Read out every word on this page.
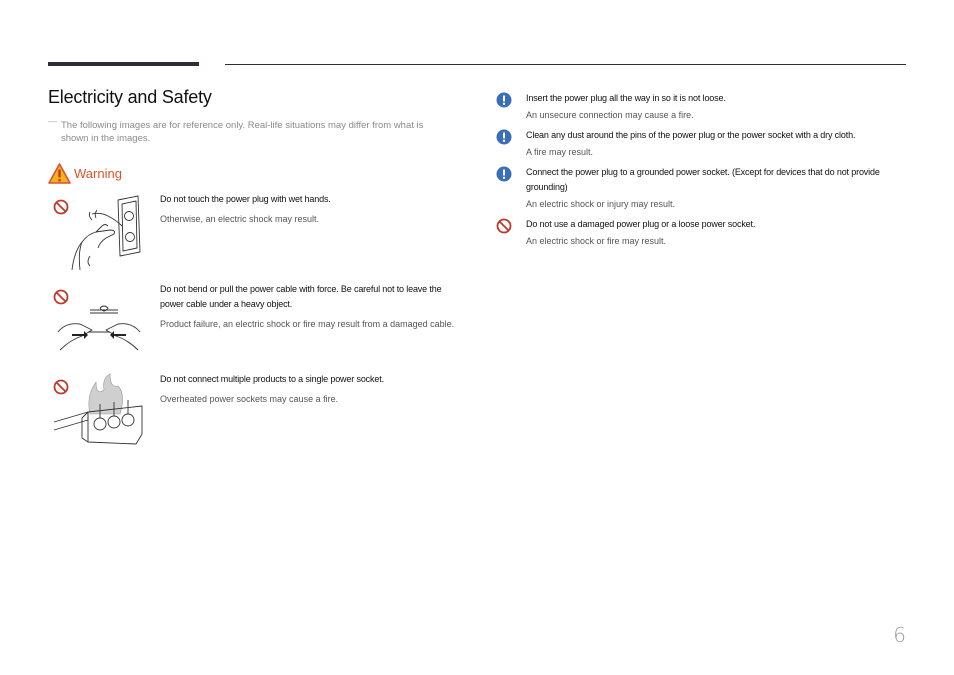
Electricity and Safety
― The following images are for reference only. Real-life situations may differ from what is shown in the images.
Warning
Do not touch the power plug with wet hands.
Otherwise, an electric shock may result.
Do not bend or pull the power cable with force. Be careful not to leave the power cable under a heavy object.
Product failure, an electric shock or fire may result from a damaged cable.
Do not connect multiple products to a single power socket.
Overheated power sockets may cause a fire.
Insert the power plug all the way in so it is not loose.
An unsecure connection may cause a fire.
Clean any dust around the pins of the power plug or the power socket with a dry cloth.
A fire may result.
Connect the power plug to a grounded power socket. (Except for devices that do not provide grounding)
An electric shock or injury may result.
Do not use a damaged power plug or a loose power socket.
An electric shock or fire may result.
6
